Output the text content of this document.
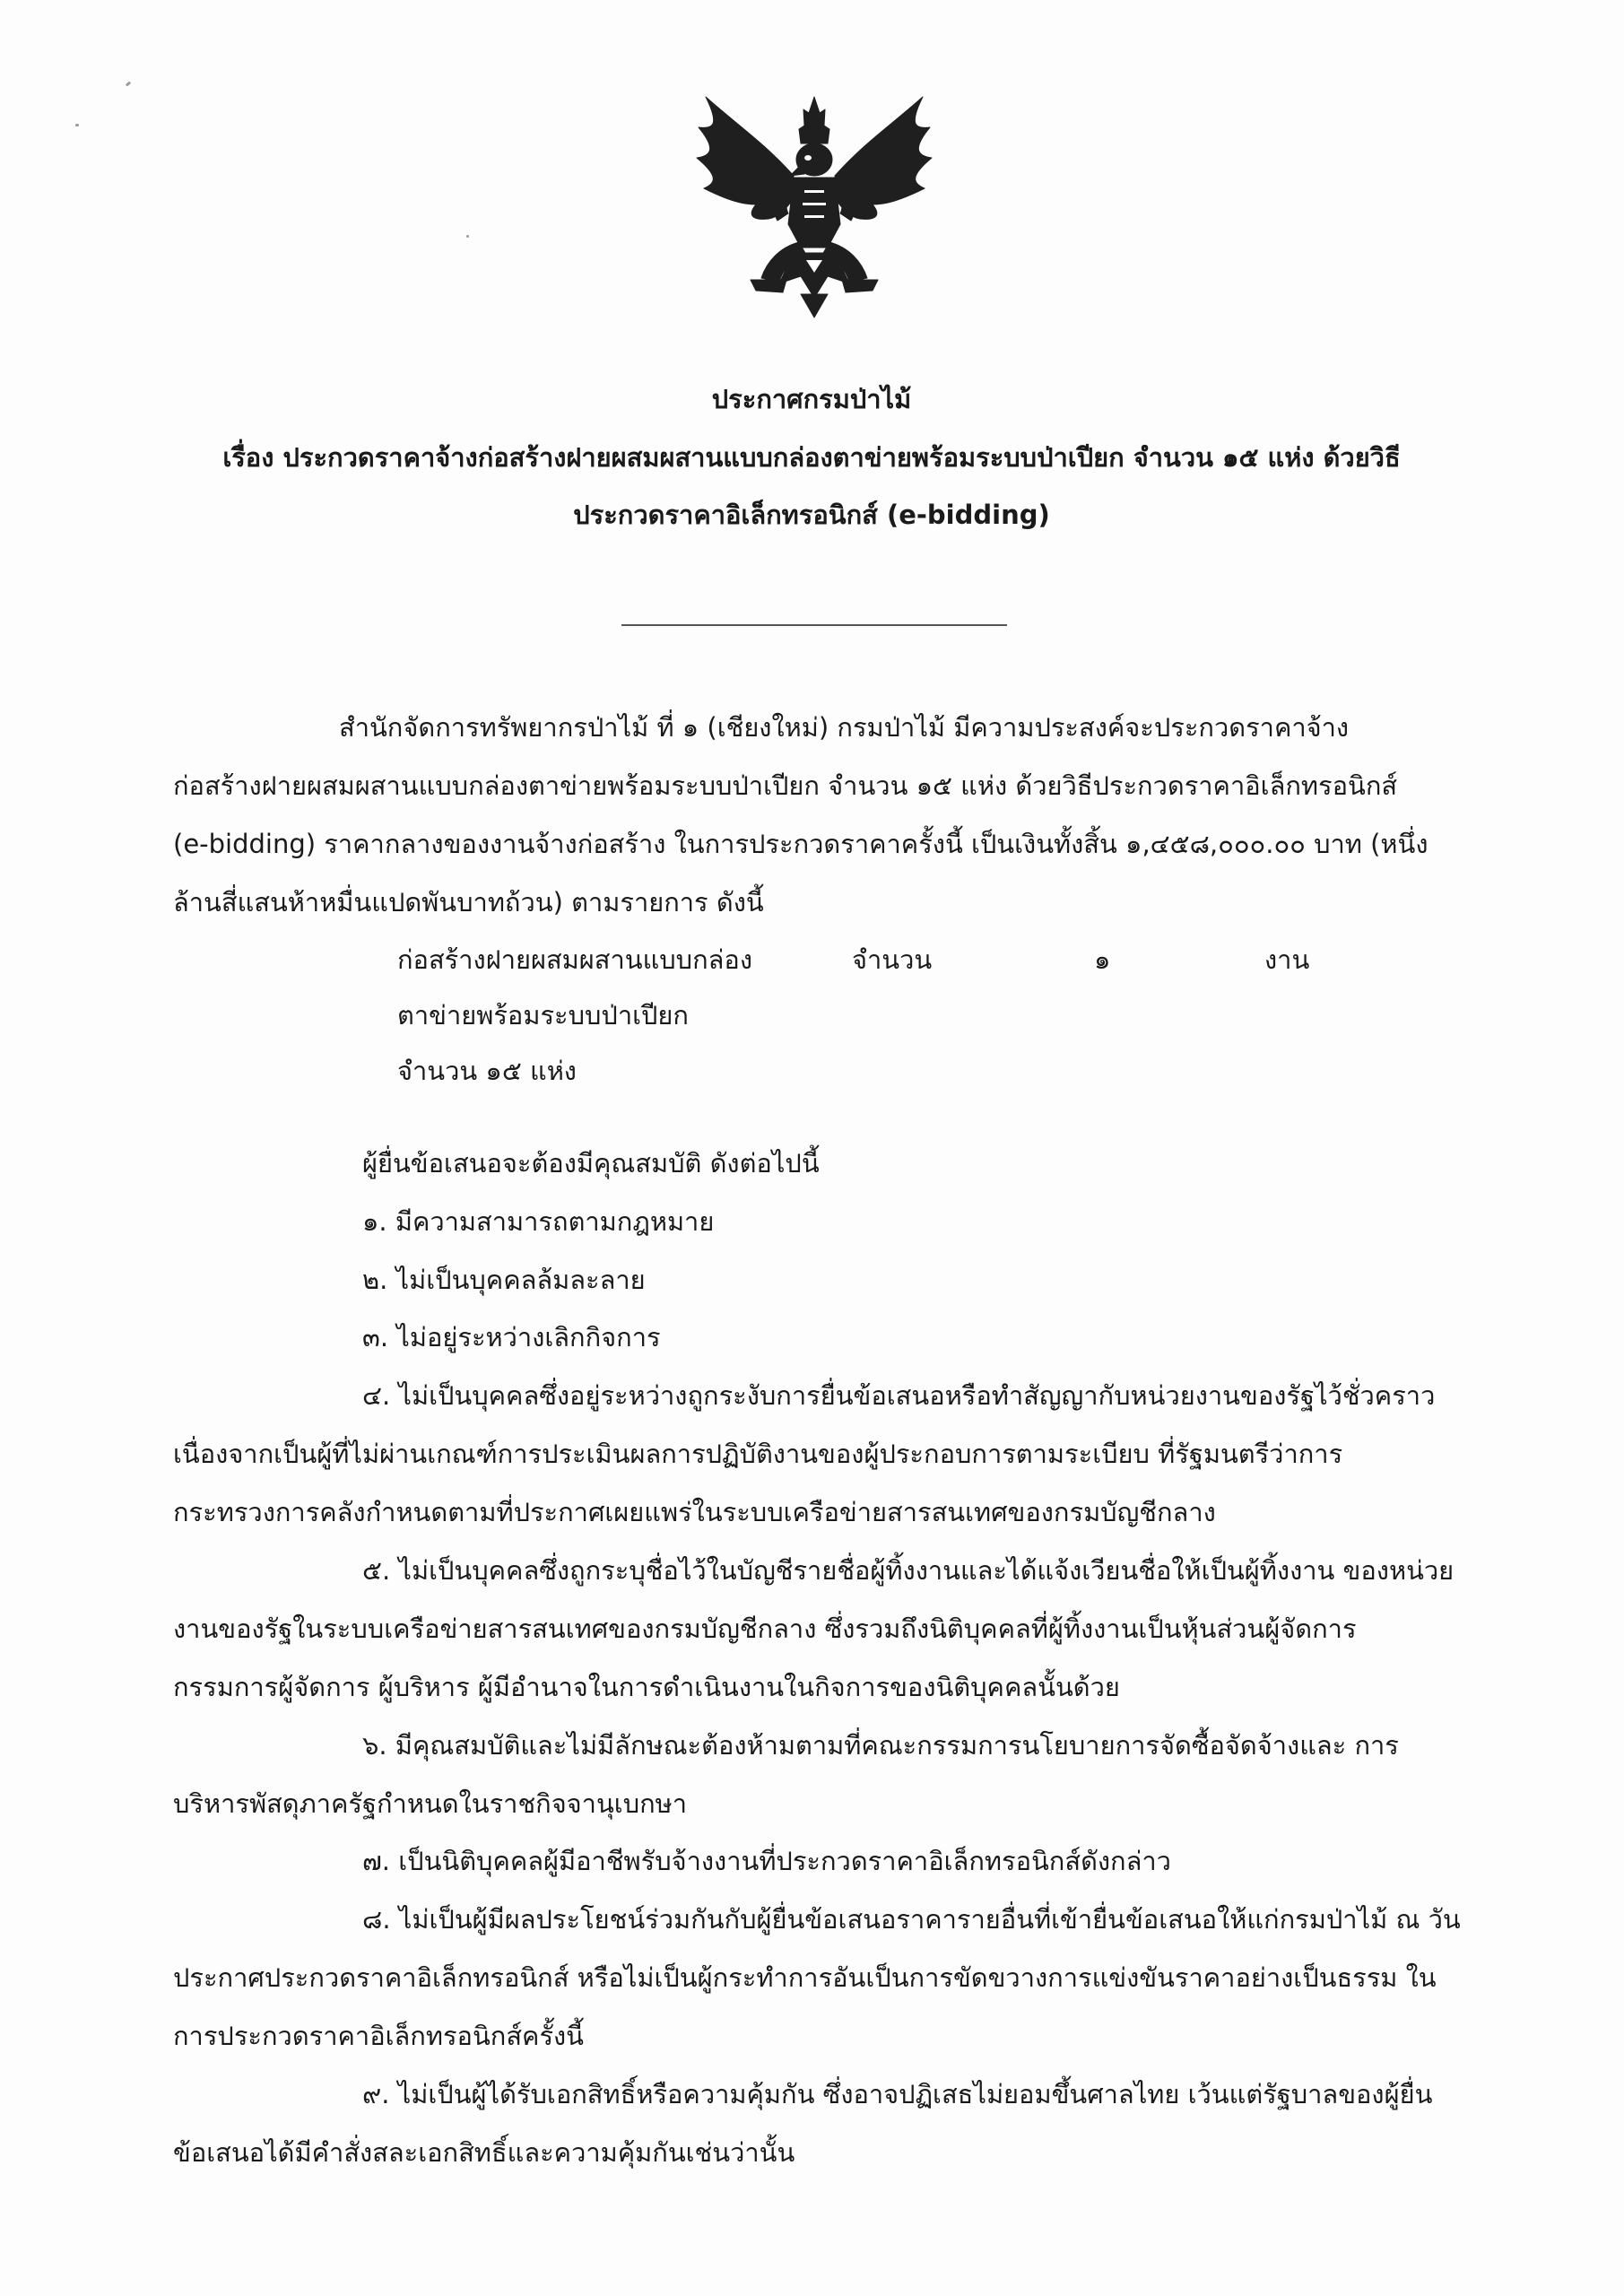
ประกาศกรมป่าไม้
เรื่อง ประกวดราคาจ้างก่อสร้างฝายผสมผสานแบบกล่องตาข่ายพร้อมระบบป่าเปียก จำนวน ๑๕ แห่ง ด้วยวิธี
ประกวดราคาอิเล็กทรอนิกส์ (e-bidding)
สำนักจัดการทรัพยากรป่าไม้ ที่ ๑ (เชียงใหม่) กรมป่าไม้ มีความประสงค์จะประกวดราคาจ้าง
ก่อสร้างฝายผสมผสานแบบกล่องตาข่ายพร้อมระบบป่าเปียก จำนวน ๑๕ แห่ง ด้วยวิธีประกวดราคาอิเล็กทรอนิกส์
(e-bidding) ราคากลางของงานจ้างก่อสร้าง ในการประกวดราคาครั้งนี้ เป็นเงินทั้งสิ้น ๑,๔๕๘,๐๐๐.๐๐ บาท (หนึ่ง
ล้านสี่แสนห้าหมื่นแปดพันบาทถ้วน) ตามรายการ ดังนี้
ก่อสร้างฝายผสมผสานแบบกล่อง	จำนวน	๑	งาน
ตาข่ายพร้อมระบบป่าเปียก
จำนวน ๑๕ แห่ง
ผู้ยื่นข้อเสนอจะต้องมีคุณสมบัติ ดังต่อไปนี้
๑. มีความสามารถตามกฎหมาย
๒. ไม่เป็นบุคคลล้มละลาย
๓. ไม่อยู่ระหว่างเลิกกิจการ
๔. ไม่เป็นบุคคลซึ่งอยู่ระหว่างถูกระงับการยื่นข้อเสนอหรือทำสัญญากับหน่วยงานของรัฐไว้ชั่วคราว
เนื่องจากเป็นผู้ที่ไม่ผ่านเกณฑ์การประเมินผลการปฏิบัติงานของผู้ประกอบการตามระเบียบ ที่รัฐมนตรีว่าการ
กระทรวงการคลังกำหนดตามที่ประกาศเผยแพร่ในระบบเครือข่ายสารสนเทศของกรมบัญชีกลาง
๕. ไม่เป็นบุคคลซึ่งถูกระบุชื่อไว้ในบัญชีรายชื่อผู้ทิ้งงานและได้แจ้งเวียนชื่อให้เป็นผู้ทิ้งงาน ของหน่วย
งานของรัฐในระบบเครือข่ายสารสนเทศของกรมบัญชีกลาง ซึ่งรวมถึงนิติบุคคลที่ผู้ทิ้งงานเป็นหุ้นส่วนผู้จัดการ
กรรมการผู้จัดการ ผู้บริหาร ผู้มีอำนาจในการดำเนินงานในกิจการของนิติบุคคลนั้นด้วย
๖. มีคุณสมบัติและไม่มีลักษณะต้องห้ามตามที่คณะกรรมการนโยบายการจัดซื้อจัดจ้างและ การ
บริหารพัสดุภาครัฐกำหนดในราชกิจจานุเบกษา
๗. เป็นนิติบุคคลผู้มีอาชีพรับจ้างงานที่ประกวดราคาอิเล็กทรอนิกส์ดังกล่าว
๘. ไม่เป็นผู้มีผลประโยชน์ร่วมกันกับผู้ยื่นข้อเสนอราคารายอื่นที่เข้ายื่นข้อเสนอให้แก่กรมป่าไม้ ณ วัน
ประกาศประกวดราคาอิเล็กทรอนิกส์ หรือไม่เป็นผู้กระทำการอันเป็นการขัดขวางการแข่งขันราคาอย่างเป็นธรรม ใน
การประกวดราคาอิเล็กทรอนิกส์ครั้งนี้
๙. ไม่เป็นผู้ได้รับเอกสิทธิ์หรือความคุ้มกัน ซึ่งอาจปฏิเสธไม่ยอมขึ้นศาลไทย เว้นแต่รัฐบาลของผู้ยื่น
ข้อเสนอได้มีคำสั่งสละเอกสิทธิ์และความคุ้มกันเช่นว่านั้น
